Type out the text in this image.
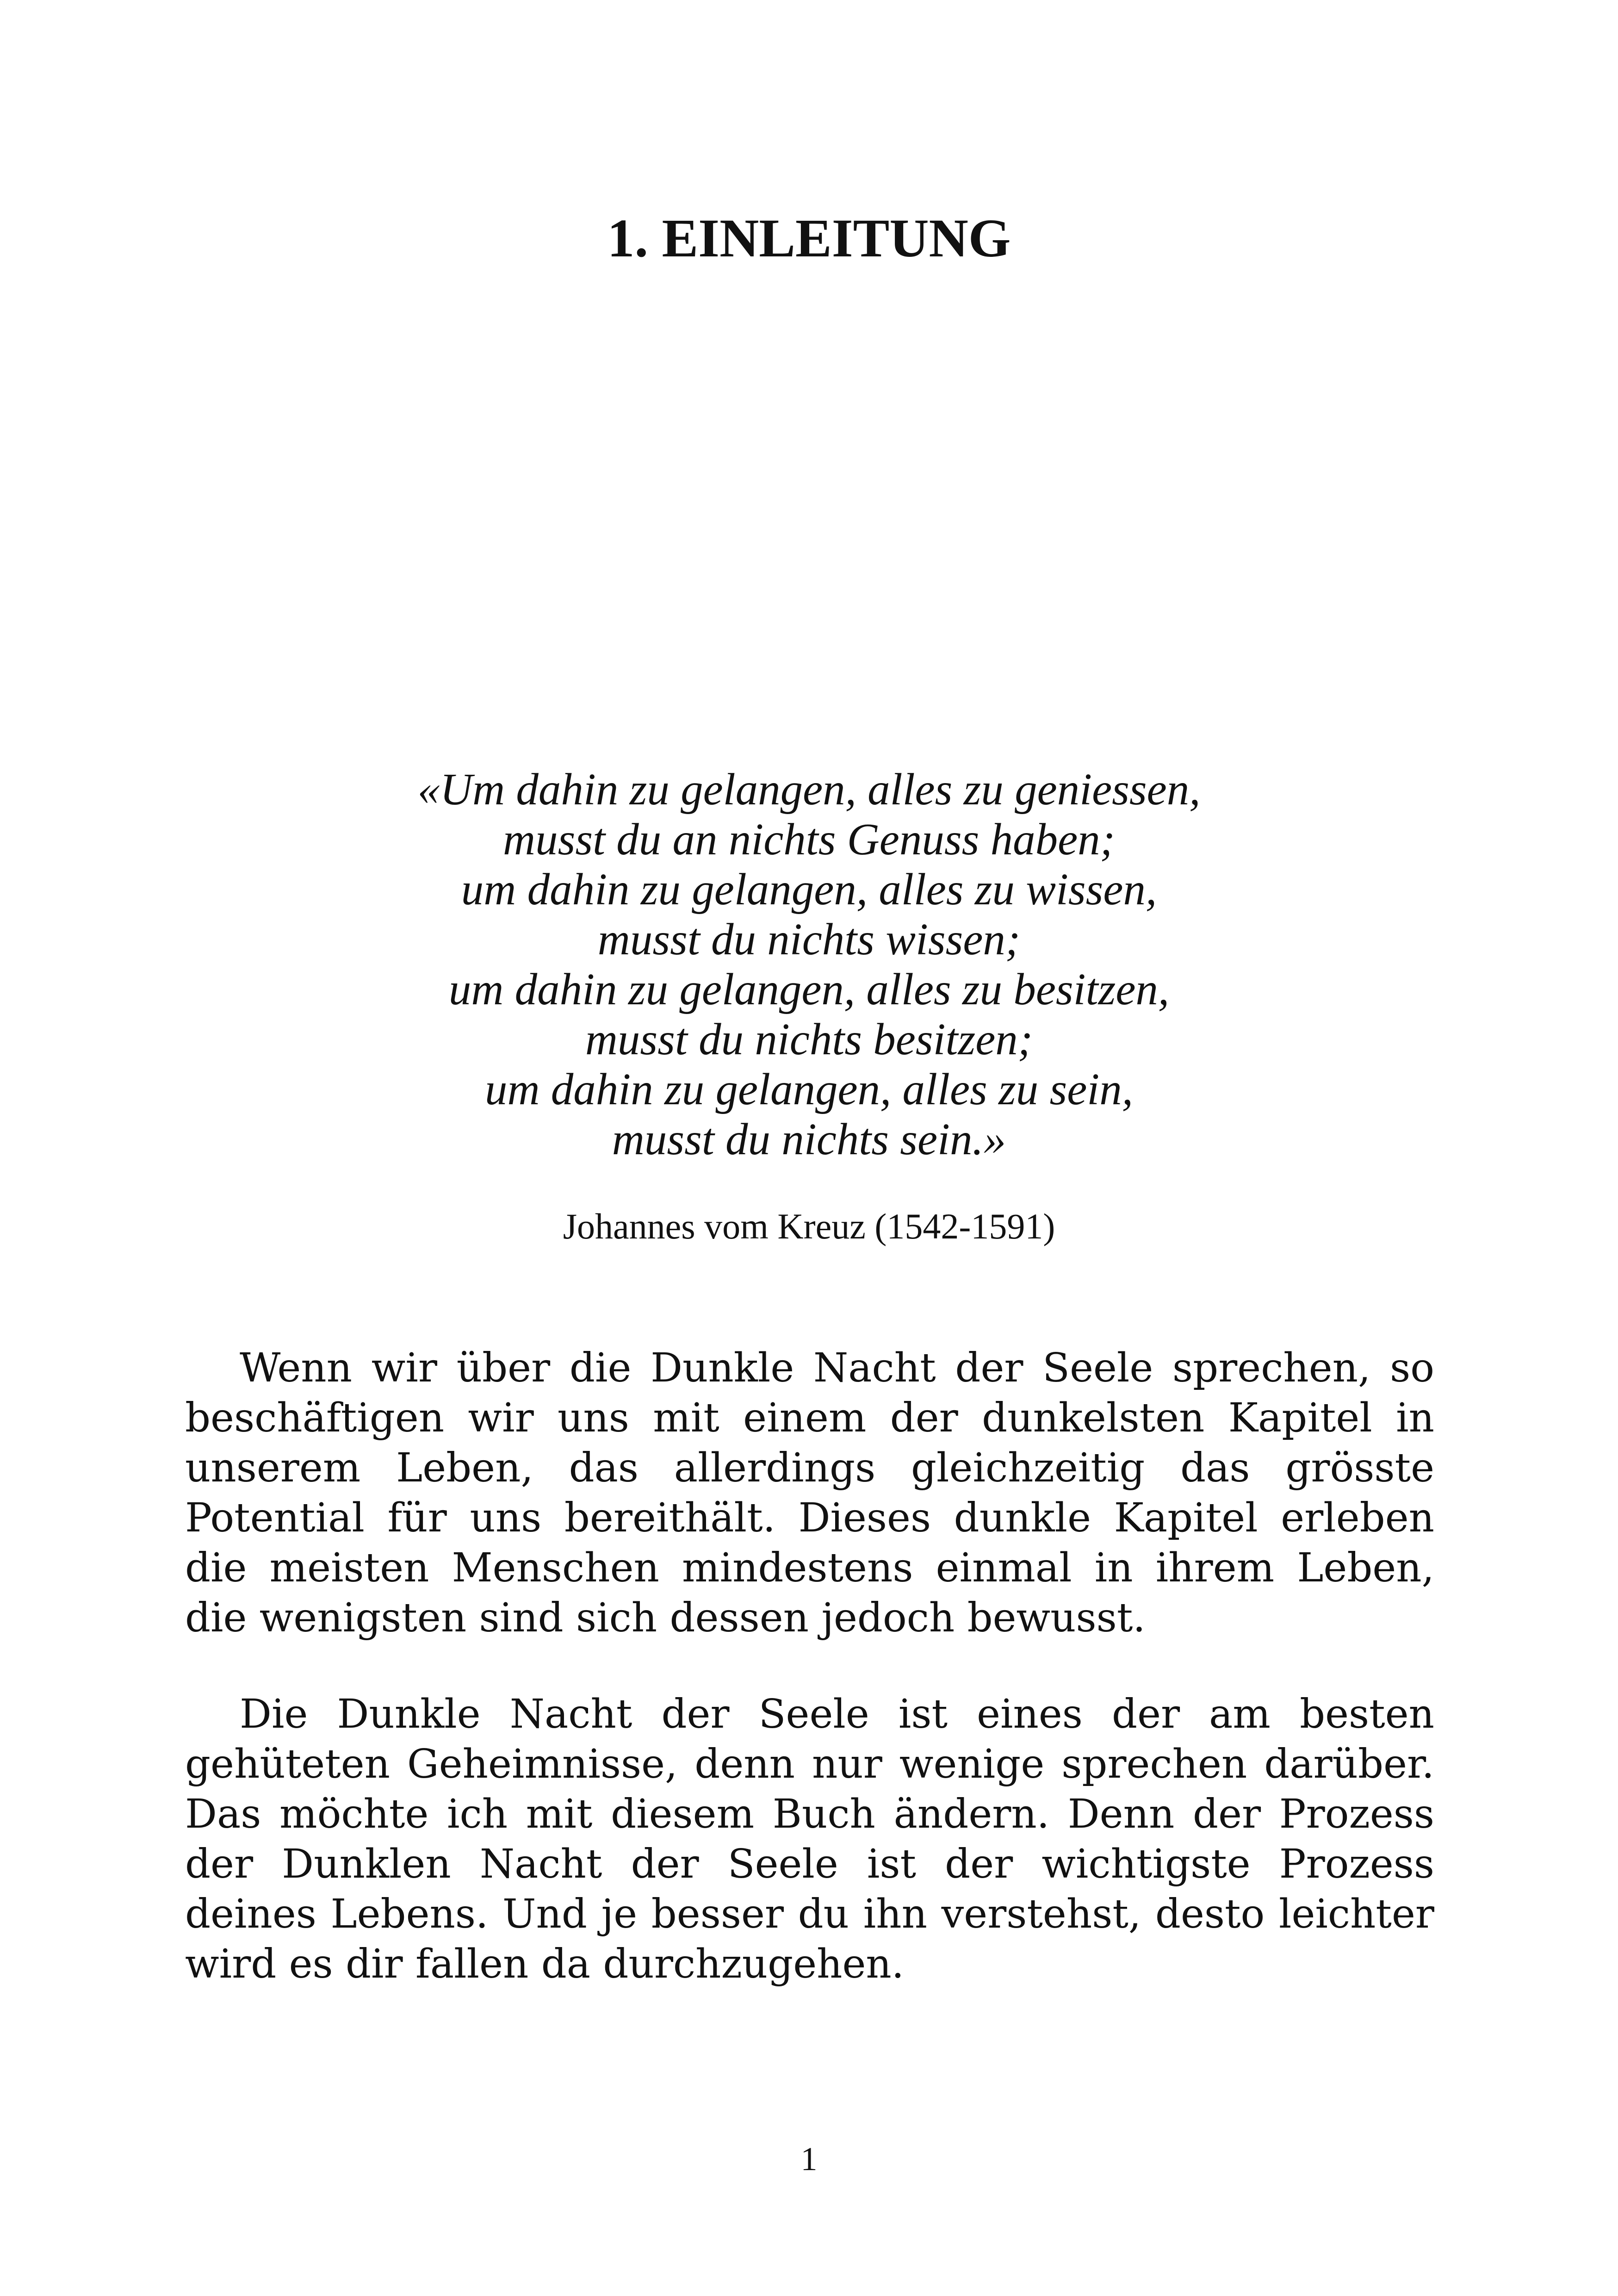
1. EINLEITUNG
«Um dahin zu gelangen, alles zu geniessen,
musst du an nichts Genuss haben;
um dahin zu gelangen, alles zu wissen,
musst du nichts wissen;
um dahin zu gelangen, alles zu besitzen,
musst du nichts besitzen;
um dahin zu gelangen, alles zu sein,
musst du nichts sein.»
Johannes vom Kreuz (1542-1591)

Wenn wir über die Dunkle Nacht der Seele sprechen, so beschäftigen wir uns mit einem der dunkelsten Kapitel in unserem Leben, das allerdings gleichzeitig das grösste Potential für uns bereithält. Dieses dunkle Kapitel erleben die meisten Menschen mindestens einmal in ihrem Leben, die wenigsten sind sich dessen jedoch bewusst.

Die Dunkle Nacht der Seele ist eines der am besten gehüteten Geheimnisse, denn nur wenige sprechen darüber. Das möchte ich mit diesem Buch ändern. Denn der Prozess der Dunklen Nacht der Seele ist der wichtigste Prozess deines Lebens. Und je besser du ihn verstehst, desto leichter wird es dir fallen da durchzugehen.

1
